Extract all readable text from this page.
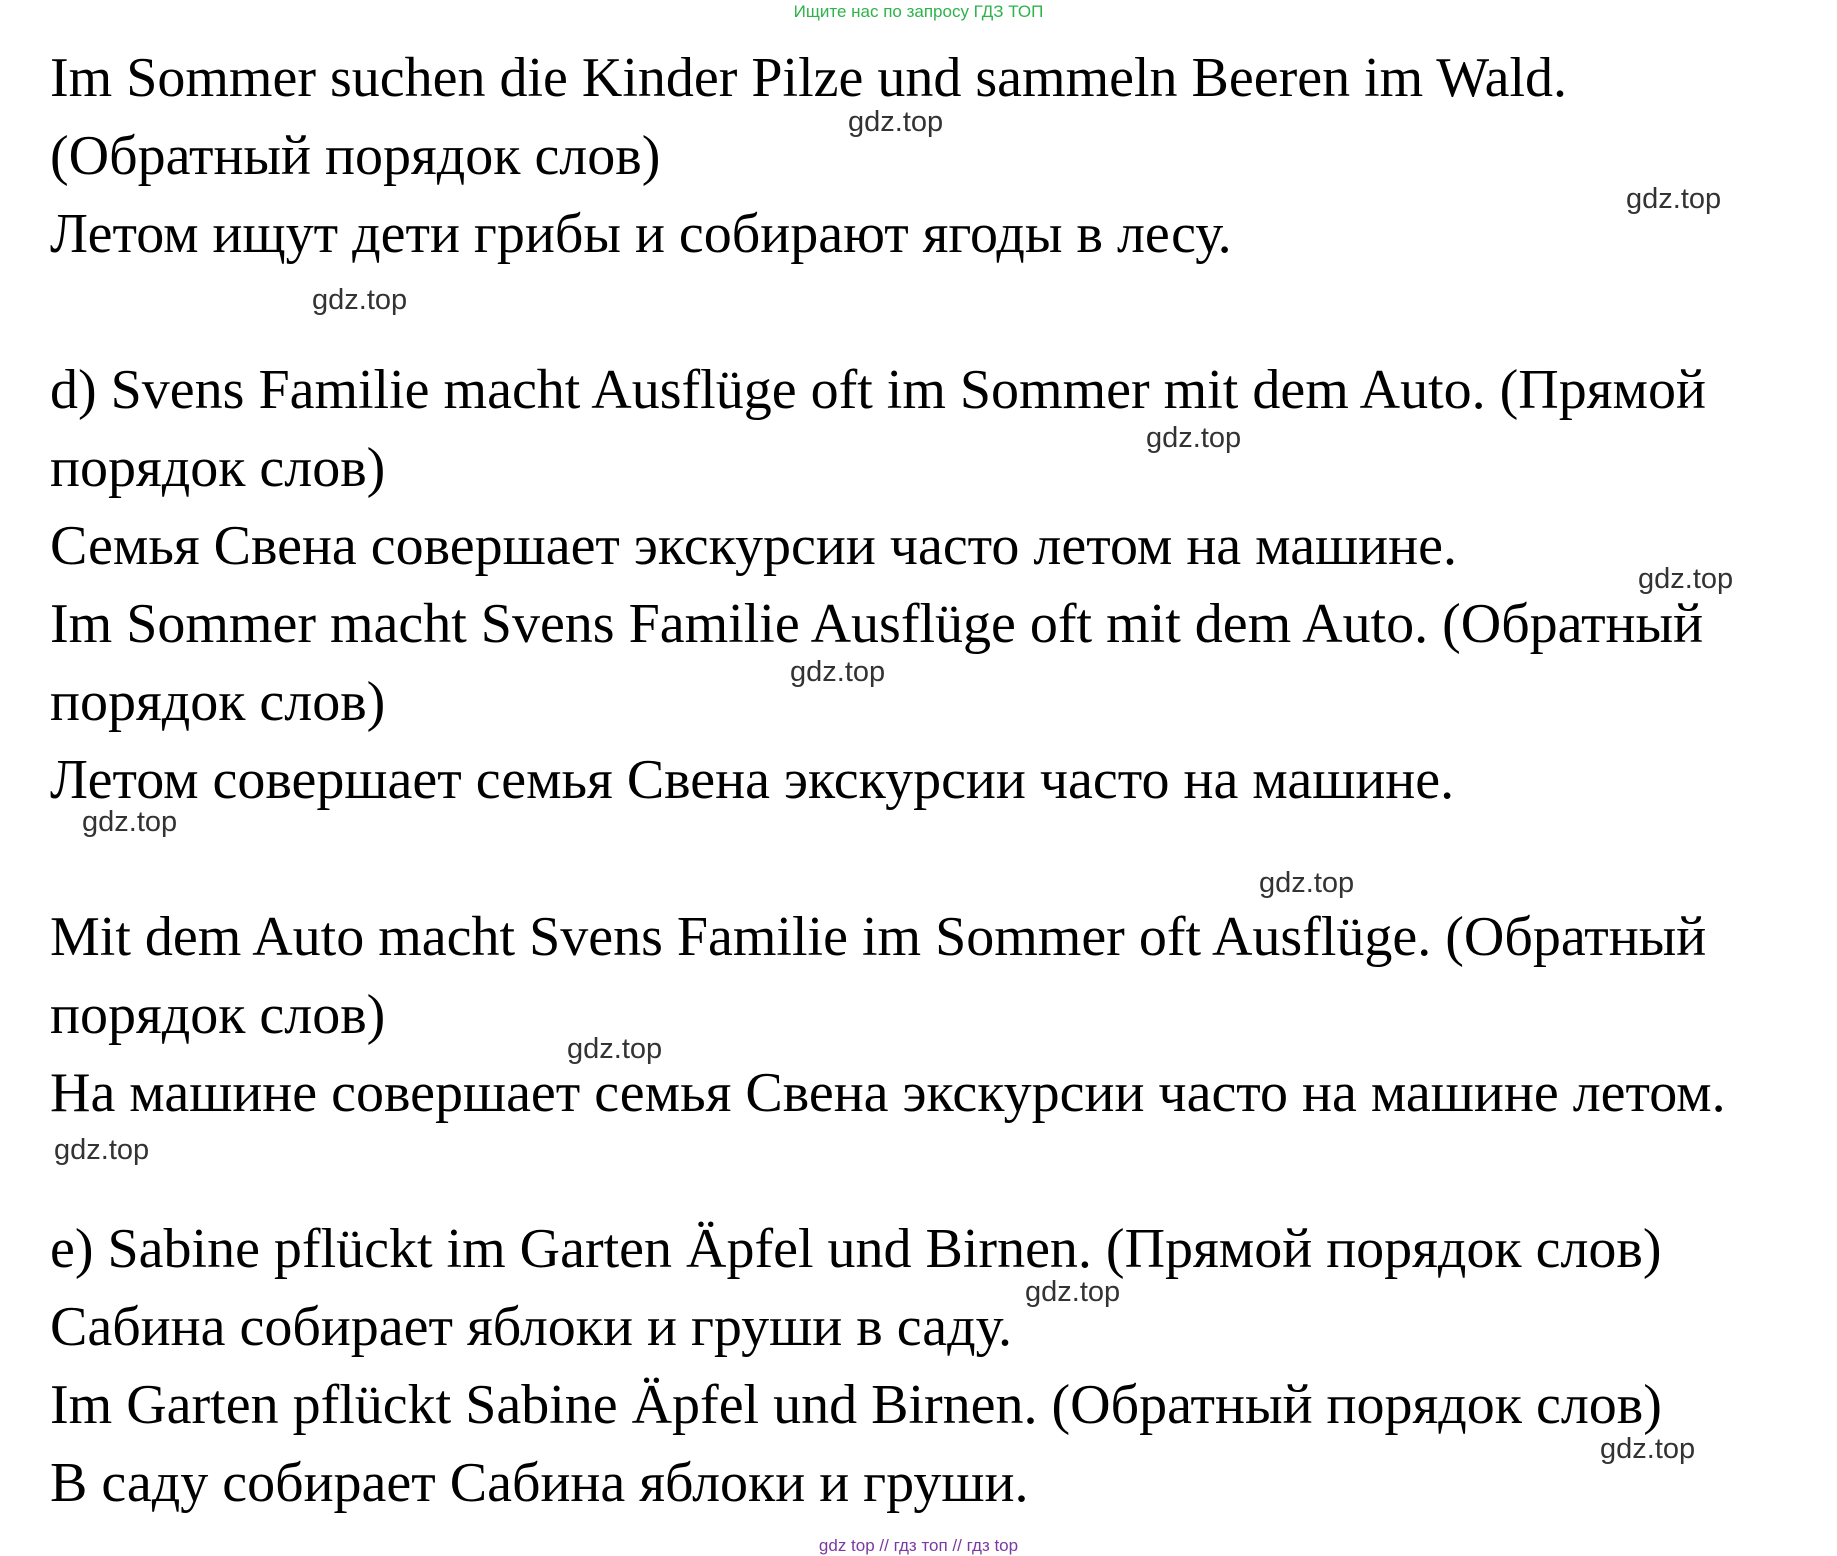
Ищите нас по запросу ГДЗ ТОП
Im Sommer suchen die Kinder Pilze und sammeln Beeren im Wald.
(Обратный порядок слов)
Летом ищут дети грибы и собирают ягоды в лесу.
d) Svens Familie macht Ausflüge oft im Sommer mit dem Auto. (Прямой
порядок слов)
Семья Свена совершает экскурсии часто летом на машине.
Im Sommer macht Svens Familie Ausflüge oft mit dem Auto. (Обратный
порядок слов)
Летом совершает семья Свена экскурсии часто на машине.
Mit dem Auto macht Svens Familie im Sommer oft Ausflüge. (Обратный
порядок слов)
На машине совершает семья Свена экскурсии часто на машине летом.
e) Sabine pflückt im Garten Äpfel und Birnen. (Прямой порядок слов)
Сабина собирает яблоки и груши в саду.
Im Garten pflückt Sabine Äpfel und Birnen. (Обратный порядок слов)
В саду собирает Сабина яблоки и груши.
gdz.top
gdz.top
gdz.top
gdz.top
gdz.top
gdz.top
gdz.top
gdz.top
gdz.top
gdz.top
gdz.top
gdz.top
gdz top // гдз топ // гдз top
